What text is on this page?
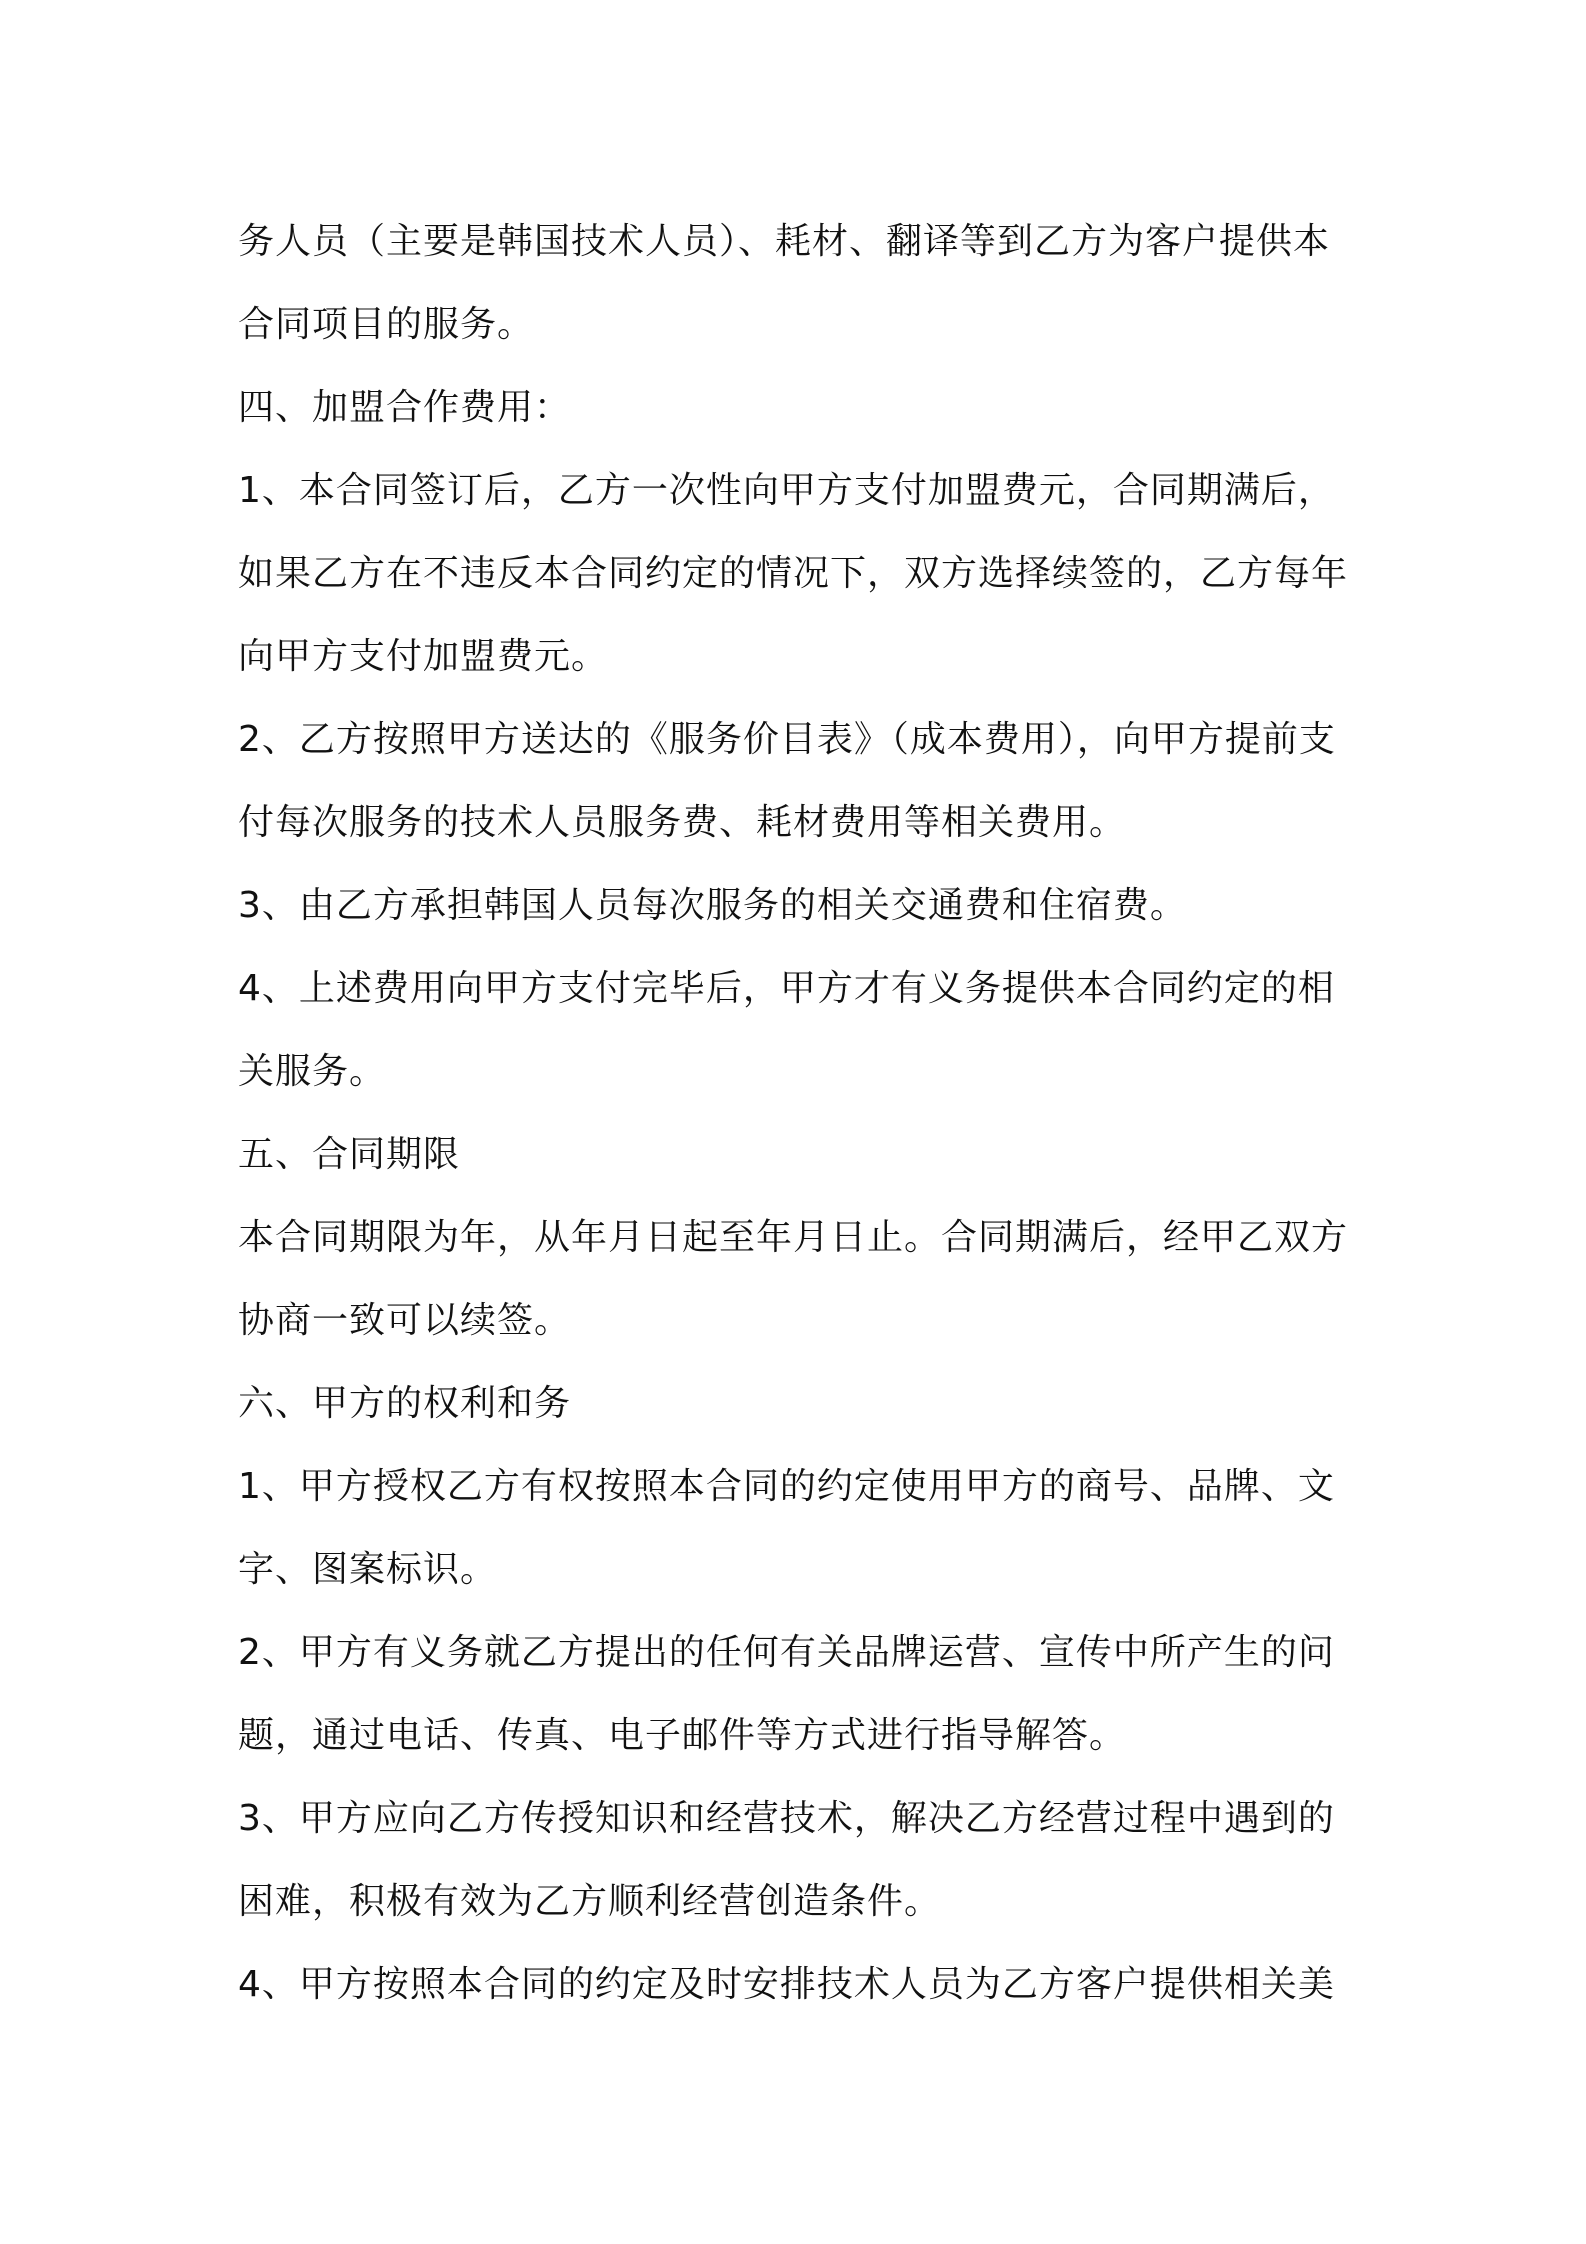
务人员（主要是韩国技术人员）、耗材、翻译等到乙方为客户提供本
合同项目的服务。
四、加盟合作费用：
1、本合同签订后，乙方一次性向甲方支付加盟费元，合同期满后，
如果乙方在不违反本合同约定的情况下，双方选择续签的，乙方每年
向甲方支付加盟费元。
2、乙方按照甲方送达的《服务价目表》（成本费用），向甲方提前支
付每次服务的技术人员服务费、耗材费用等相关费用。
3、由乙方承担韩国人员每次服务的相关交通费和住宿费。
4、上述费用向甲方支付完毕后，甲方才有义务提供本合同约定的相
关服务。
五、合同期限
本合同期限为年，从年月日起至年月日止。合同期满后，经甲乙双方
协商一致可以续签。
六、甲方的权利和务
1、甲方授权乙方有权按照本合同的约定使用甲方的商号、品牌、文
字、图案标识。
2、甲方有义务就乙方提出的任何有关品牌运营、宣传中所产生的问
题，通过电话、传真、电子邮件等方式进行指导解答。
3、甲方应向乙方传授知识和经营技术，解决乙方经营过程中遇到的
困难，积极有效为乙方顺利经营创造条件。
4、甲方按照本合同的约定及时安排技术人员为乙方客户提供相关美
